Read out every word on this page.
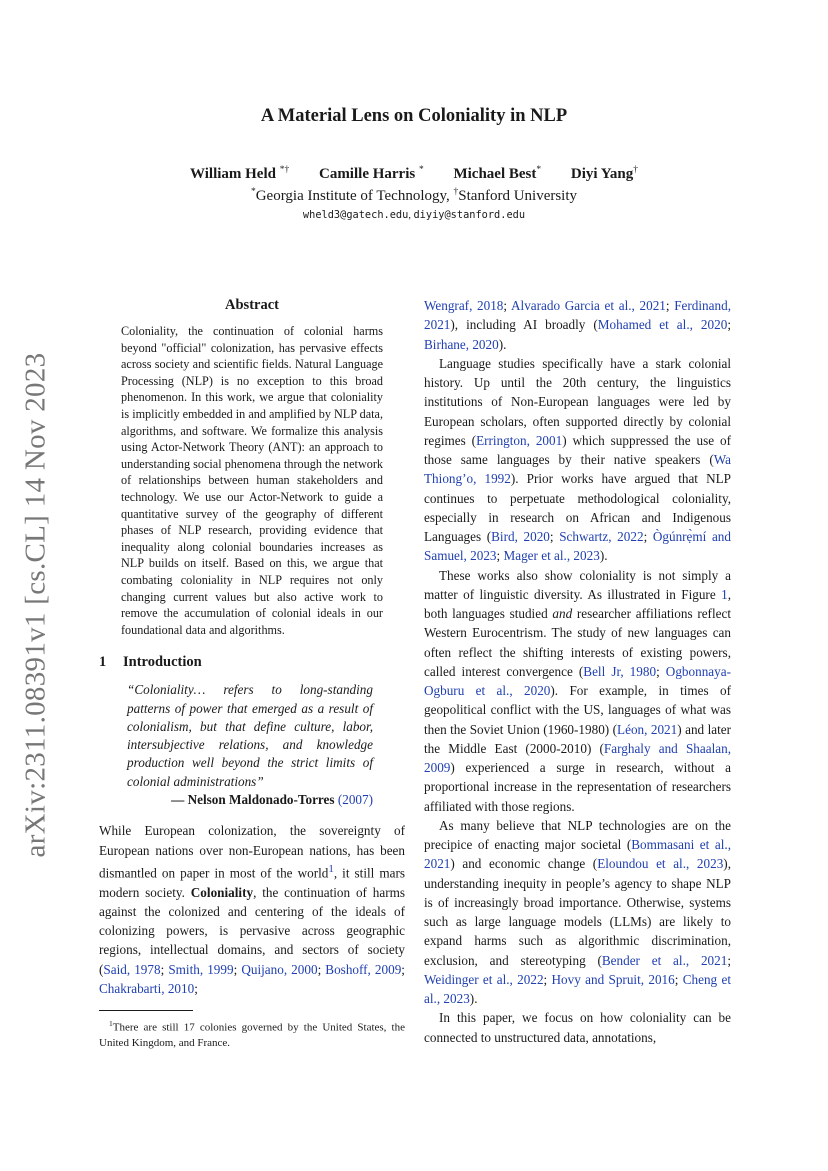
arXiv:2311.08391v1 [cs.CL] 14 Nov 2023
A Material Lens on Coloniality in NLP
William Held *† Camille Harris * Michael Best* Diyi Yang†
*Georgia Institute of Technology, †Stanford University
wheld3@gatech.edu, diyiy@stanford.edu
Abstract

Coloniality, the continuation of colonial harms beyond "official" colonization, has pervasive effects across society and scientific fields. Natural Language Processing (NLP) is no exception to this broad phenomenon. In this work, we argue that coloniality is implicitly embedded in and amplified by NLP data, algorithms, and software. We formalize this analysis using Actor-Network Theory (ANT): an approach to understanding social phenomena through the network of relationships between human stakeholders and technology. We use our Actor-Network to guide a quantitative survey of the geography of different phases of NLP research, providing evidence that inequality along colonial boundaries increases as NLP builds on itself. Based on this, we argue that combating coloniality in NLP requires not only changing current values but also active work to remove the accumulation of colonial ideals in our foundational data and algorithms.

1 Introduction
“Coloniality… refers to long-standing patterns of power that emerged as a result of colonialism, but that define culture, labor, intersubjective relations, and knowledge production well beyond the strict limits of colonial administrations”
— Nelson Maldonado-Torres (2007)

While European colonization, the sovereignty of European nations over non-European nations, has been dismantled on paper in most of the world$^1$, it still mars modern society. Coloniality, the continuation of harms against the colonized and centering of the ideals of colonizing powers, is pervasive across geographic regions, intellectual domains, and sectors of society (Said, 1978; Smith, 1999; Quijano, 2000; Boshoff, 2009; Chakrabarti, 2010;

$^1$There are still 17 colonies governed by the United States, the United Kingdom, and France.

Wengraf, 2018; Alvarado Garcia et al., 2021; Ferdinand, 2021), including AI broadly (Mohamed et al., 2020; Birhane, 2020).

Language studies specifically have a stark colonial history. Up until the 20th century, the linguistics institutions of Non-European languages were led by European scholars, often supported directly by colonial regimes (Errington, 2001) which suppressed the use of those same languages by their native speakers (Wa Thiong’o, 1992). Prior works have argued that NLP continues to perpetuate methodological coloniality, especially in research on African and Indigenous Languages (Bird, 2020; Schwartz, 2022; Ògúnrẹ̀mí and Samuel, 2023; Mager et al., 2023).

These works also show coloniality is not simply a matter of linguistic diversity. As illustrated in Figure 1, both languages studied and researcher affiliations reflect Western Eurocentrism. The study of new languages can often reflect the shifting interests of existing powers, called interest convergence (Bell Jr, 1980; Ogbonnaya-Ogburu et al., 2020). For example, in times of geopolitical conflict with the US, languages of what was then the Soviet Union (1960-1980) (Léon, 2021) and later the Middle East (2000-2010) (Farghaly and Shaalan, 2009) experienced a surge in research, without a proportional increase in the representation of researchers affiliated with those regions.

As many believe that NLP technologies are on the precipice of enacting major societal (Bommasani et al., 2021) and economic change (Eloundou et al., 2023), understanding inequity in people’s agency to shape NLP is of increasingly broad importance. Otherwise, systems such as large language models (LLMs) are likely to expand harms such as algorithmic discrimination, exclusion, and stereotyping (Bender et al., 2021; Weidinger et al., 2022; Hovy and Spruit, 2016; Cheng et al., 2023).

In this paper, we focus on how coloniality can be connected to unstructured data, annotations,
